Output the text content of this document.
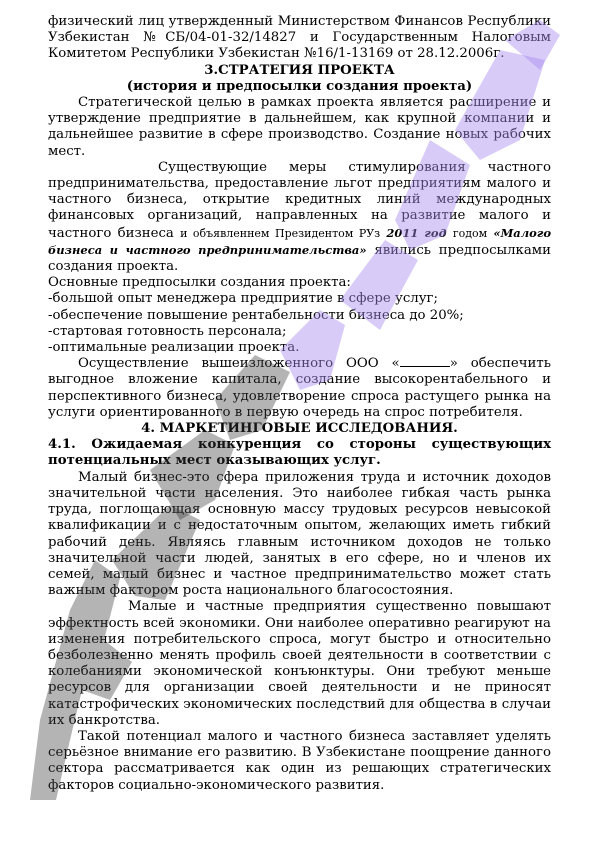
физический лиц утвержденный Министерством Финансов Республики Узбекистан №СБ/04-01-32/14827 и Государственным Налоговым Комитетом Республики Узбекистан №16/1-13169 от 28.12.2006г.

3.СТРАТЕГИЯ ПРОЕКТА

(история и предпосылки создания проекта)

Стратегической целью в рамках проекта является расширение и утверждение предприятие в дальнейшем, как крупной компании и дальнейшее развитие в сфере производство. Создание новых рабочих мест.

Существующие меры стимулирования частного предпринимательства, предоставление льгот предприятиям малого и частного бизнеса, открытие кредитных линий международных финансовых организаций, направленных на развитие малого и частного бизнеса и объявленнем Президентом РУз 2011 год годом «Малого бизнеса и частного предпринимательства» явились предпосылками создания проекта.

Основные предпосылки создания проекта:

-большой опыт менеджера предприятие в сфере услуг;

-обеспечение повышение рентабельности бизнеса до 20%;

-стартовая готовность персонала;

-оптимальные реализации проекта.

Осуществление вышеизложенного ООО «	» обеспечить выгодное вложение капитала, создание высокорентабельного и перспективного бизнеса, удовлетворение спроса растущего рынка на услуги ориентированного в первую очередь на спрос потребителя.

4. МАРКЕТИНГОВЫЕ ИССЛЕДОВАНИЯ.

4.1. Ожидаемая конкуренция со стороны существующих потенциальных мест оказывающих услуг.

Малый бизнес-это сфера приложения труда и источник доходов значительной части населения. Это наиболее гибкая часть рынка труда, поглощающая основную массу трудовых ресурсов невысокой квалификации и с недостаточным опытом, желающих иметь гибкий рабочий день. Являясь главным источником доходов не только значительной части людей, занятых в его сфере, но и членов их семей, малый бизнес и частное предпринимательство может стать важным фактором роста национального благосостояния.

Малые и частные предприятия существенно повышают эффектность всей экономики. Они наиболее оперативно реагируют на изменения потребительского спроса, могут быстро и относительно безболезненно менять профиль своей деятельности в соответствии с колебаниями экономической конъюнктуры. Они требуют меньше ресурсов для организации своей деятельности и не приносят катастрофических экономических последствий для общества в случаи их банкротства.

Такой потенциал малого и частного бизнеса заставляет уделять серьёзное внимание его развитию. В Узбекистане поощрение данного сектора рассматривается как один из решающих стратегических факторов социально-экономического развития.
